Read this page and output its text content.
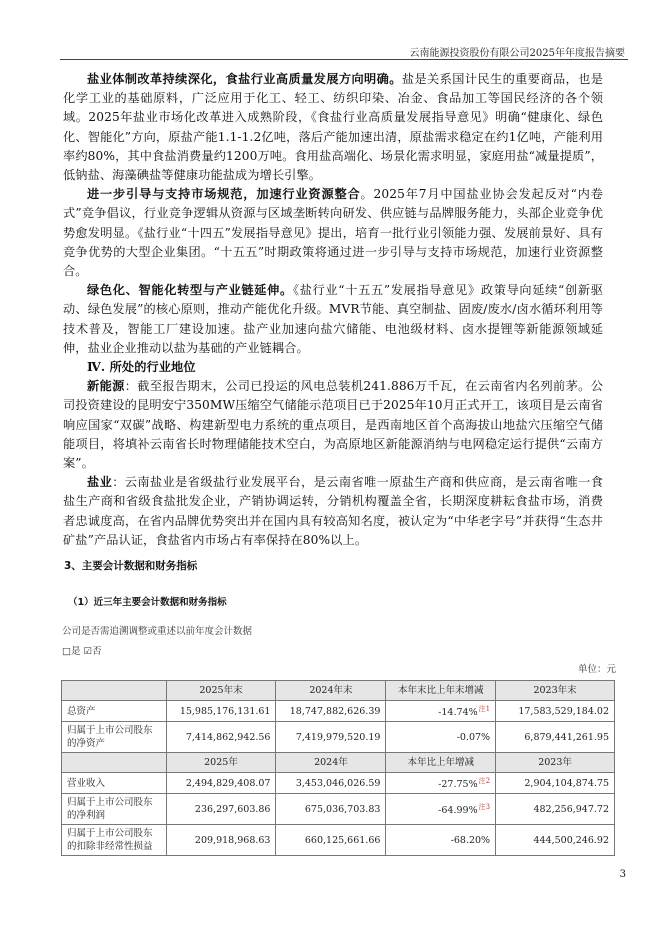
云南能源投资股份有限公司2025年年度报告摘要

盐业体制改革持续深化，食盐行业高质量发展方向明确。盐是关系国计民生的重要商品，也是化学工业的基础原料，广泛应用于化工、轻工、纺织印染、冶金、食品加工等国民经济的各个领域。2025年盐业市场化改革进入成熟阶段，《食盐行业高质量发展指导意见》明确“健康化、绿色化、智能化”方向，原盐产能1.1-1.2亿吨，落后产能加速出清，原盐需求稳定在约1亿吨，产能利用率约80%，其中食盐消费量约1200万吨。食用盐高端化、场景化需求明显，家庭用盐“减量提质”，低钠盐、海藻碘盐等健康功能盐成为增长引擎。

进一步引导与支持市场规范，加速行业资源整合。2025年7月中国盐业协会发起反对“内卷式”竞争倡议，行业竞争逻辑从资源与区域垄断转向研发、供应链与品牌服务能力，头部企业竞争优势愈发明显。《盐行业“十四五”发展指导意见》提出，培育一批行业引领能力强、发展前景好、具有竞争优势的大型企业集团。“十五五”时期政策将通过进一步引导与支持市场规范，加速行业资源整合。

绿色化、智能化转型与产业链延伸。《盐行业“十五五”发展指导意见》政策导向延续“创新驱动、绿色发展”的核心原则，推动产能优化升级。MVR节能、真空制盐、固废/废水/卤水循环利用等技术普及，智能工厂建设加速。盐产业加速向盐穴储能、电池级材料、卤水提锂等新能源领域延伸，盐业企业推动以盐为基础的产业链耦合。

Ⅳ. 所处的行业地位

新能源：截至报告期末，公司已投运的风电总装机241.886万千瓦，在云南省内名列前茅。公司投资建设的昆明安宁350MW压缩空气储能示范项目已于2025年10月正式开工，该项目是云南省响应国家“双碳”战略、构建新型电力系统的重点项目，是西南地区首个高海拔山地盐穴压缩空气储能项目，将填补云南省长时物理储能技术空白，为高原地区新能源消纳与电网稳定运行提供“云南方案”。

盐业：云南盐业是省级盐行业发展平台，是云南省唯一原盐生产商和供应商，是云南省唯一食盐生产商和省级食盐批发企业，产销协调运转，分销机构覆盖全省，长期深度耕耘食盐市场，消费者忠诚度高，在省内品牌优势突出并在国内具有较高知名度，被认定为“中华老字号”并获得“生态井矿盐”产品认证，食盐省内市场占有率保持在80%以上。

3、主要会计数据和财务指标
（1）近三年主要会计数据和财务指标
公司是否需追溯调整或重述以前年度会计数据
□是 ☑否
单位：元
	2025年末	2024年末	本年末比上年末增减	2023年末
总资产	15,985,176,131.61	18,747,882,626.39	-14.74%$^{注1}$	17,583,529,184.02
归属于上市公司股东的净资产	7,414,862,942.56	7,419,979,520.19	-0.07%	6,879,441,261.95
	2025年	2024年	本年比上年增减	2023年
营业收入	2,494,829,408.07	3,453,046,026.59	-27.75%$^{注2}$	2,904,104,874.75
归属于上市公司股东的净利润	236,297,603.86	675,036,703.83	-64.99%$^{注3}$	482,256,947.72
归属于上市公司股东的扣除非经常性损益	209,918,968.63	660,125,661.66	-68.20%	444,500,246.92
3
